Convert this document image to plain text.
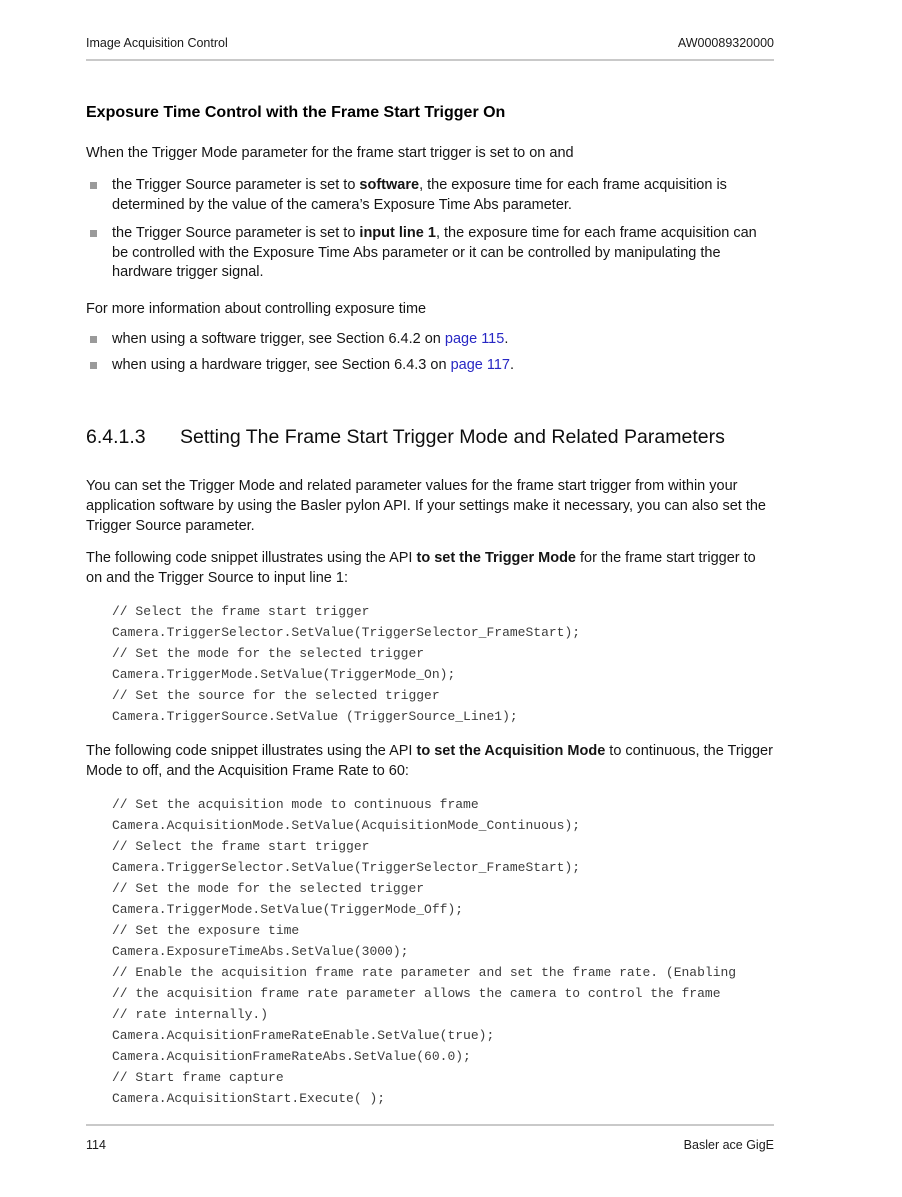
Image Acquisition Control	AW00089320000
Exposure Time Control with the Frame Start Trigger On

When the Trigger Mode parameter for the frame start trigger is set to on and

the Trigger Source parameter is set to software, the exposure time for each frame acquisition is determined by the value of the camera’s Exposure Time Abs parameter.

the Trigger Source parameter is set to input line 1, the exposure time for each frame acquisition can be controlled with the Exposure Time Abs parameter or it can be controlled by manipulating the hardware trigger signal.

For more information about controlling exposure time

when using a software trigger, see Section 6.4.2 on page 115.

when using a hardware trigger, see Section 6.4.3 on page 117.

6.4.1.3	Setting The Frame Start Trigger Mode and Related Parameters

You can set the Trigger Mode and related parameter values for the frame start trigger from within your application software by using the Basler pylon API. If your settings make it necessary, you can also set the Trigger Source parameter.

The following code snippet illustrates using the API to set the Trigger Mode for the frame start trigger to on and the Trigger Source to input line 1:

// Select the frame start trigger
Camera.TriggerSelector.SetValue(TriggerSelector_FrameStart);
// Set the mode for the selected trigger
Camera.TriggerMode.SetValue(TriggerMode_On);
// Set the source for the selected trigger
Camera.TriggerSource.SetValue (TriggerSource_Line1);

The following code snippet illustrates using the API to set the Acquisition Mode to continuous, the Trigger Mode to off, and the Acquisition Frame Rate to 60:

// Set the acquisition mode to continuous frame
Camera.AcquisitionMode.SetValue(AcquisitionMode_Continuous);
// Select the frame start trigger
Camera.TriggerSelector.SetValue(TriggerSelector_FrameStart);
// Set the mode for the selected trigger
Camera.TriggerMode.SetValue(TriggerMode_Off);
// Set the exposure time
Camera.ExposureTimeAbs.SetValue(3000);
// Enable the acquisition frame rate parameter and set the frame rate. (Enabling
// the acquisition frame rate parameter allows the camera to control the frame
// rate internally.)
Camera.AcquisitionFrameRateEnable.SetValue(true);
Camera.AcquisitionFrameRateAbs.SetValue(60.0);
// Start frame capture
Camera.AcquisitionStart.Execute( );
114	Basler ace GigE
